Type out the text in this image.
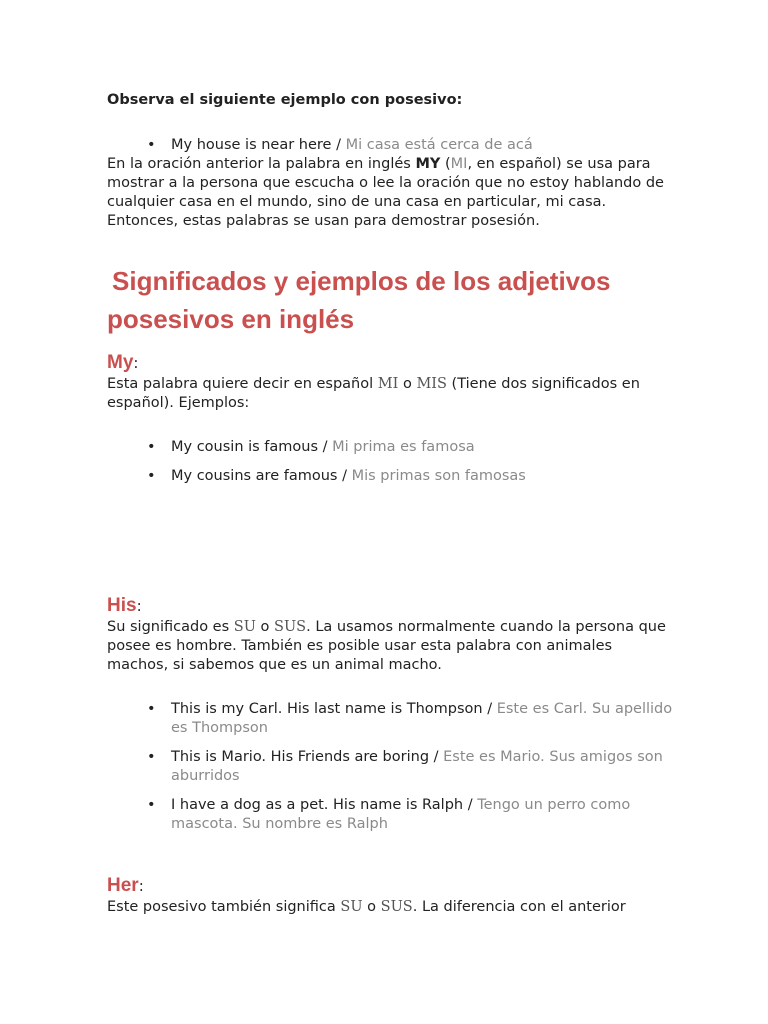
Observa el siguiente ejemplo con posesivo:
• My house is near here / Mi casa está cerca de acá

En la oración anterior la palabra en inglés MY (MI, en español) se usa para mostrar a la persona que escucha o lee la oración que no estoy hablando de cualquier casa en el mundo, sino de una casa en particular, mi casa. Entonces, estas palabras se usan para demostrar posesión.

Significados y ejemplos de los adjetivos

posesivos en inglés

My:

Esta palabra quiere decir en español MI o MIS (Tiene dos significados en español). Ejemplos:

• My cousin is famous / Mi prima es famosa
• My cousins are famous / Mis primas son famosas
His:

Su significado es SU o SUS. La usamos normalmente cuando la persona que posee es hombre. También es posible usar esta palabra con animales machos, si sabemos que es un animal macho.

• This is my Carl. His last name is Thompson / Este es Carl. Su apellido es Thompson
• This is Mario. His Friends are boring / Este es Mario. Sus amigos son aburridos
• I have a dog as a pet. His name is Ralph / Tengo un perro como mascota. Su nombre es Ralph
Her:

Este posesivo también significa SU o SUS. La diferencia con el anterior
